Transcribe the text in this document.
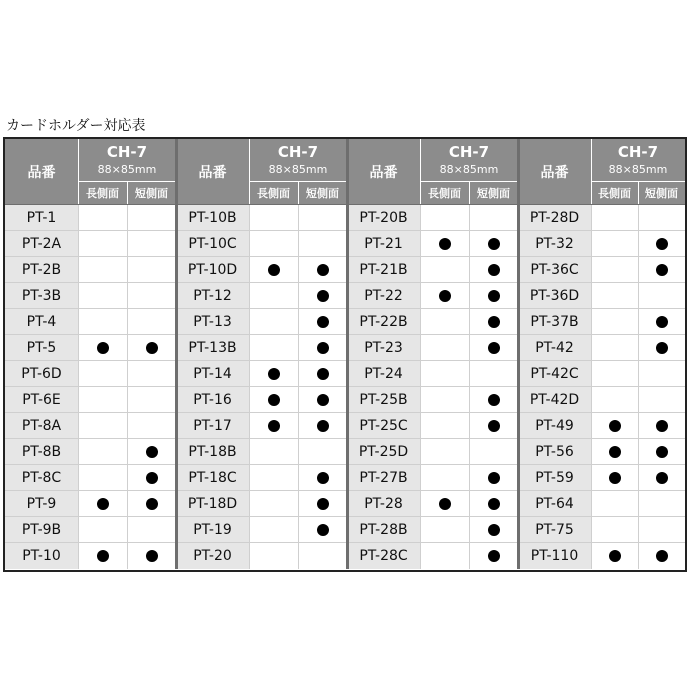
カードホルダー対応表
品番
CH-7
88×85mm
長側面 短側面
PT-1
PT-2A
PT-2B
PT-3B
PT-4
PT-5
PT-6D
PT-6E
PT-8A
PT-8B
PT-8C
PT-9
PT-9B
PT-10
品番
CH-7
88×85mm
長側面 短側面
PT-10B
PT-10C
PT-10D
PT-12
PT-13
PT-13B
PT-14
PT-16
PT-17
PT-18B
PT-18C
PT-18D
PT-19
PT-20
品番
CH-7
88×85mm
長側面 短側面
PT-20B
PT-21
PT-21B
PT-22
PT-22B
PT-23
PT-24
PT-25B
PT-25C
PT-25D
PT-27B
PT-28
PT-28B
PT-28C
品番
CH-7
88×85mm
長側面 短側面
PT-28D
PT-32
PT-36C
PT-36D
PT-37B
PT-42
PT-42C
PT-42D
PT-49
PT-56
PT-59
PT-64
PT-75
PT-110
